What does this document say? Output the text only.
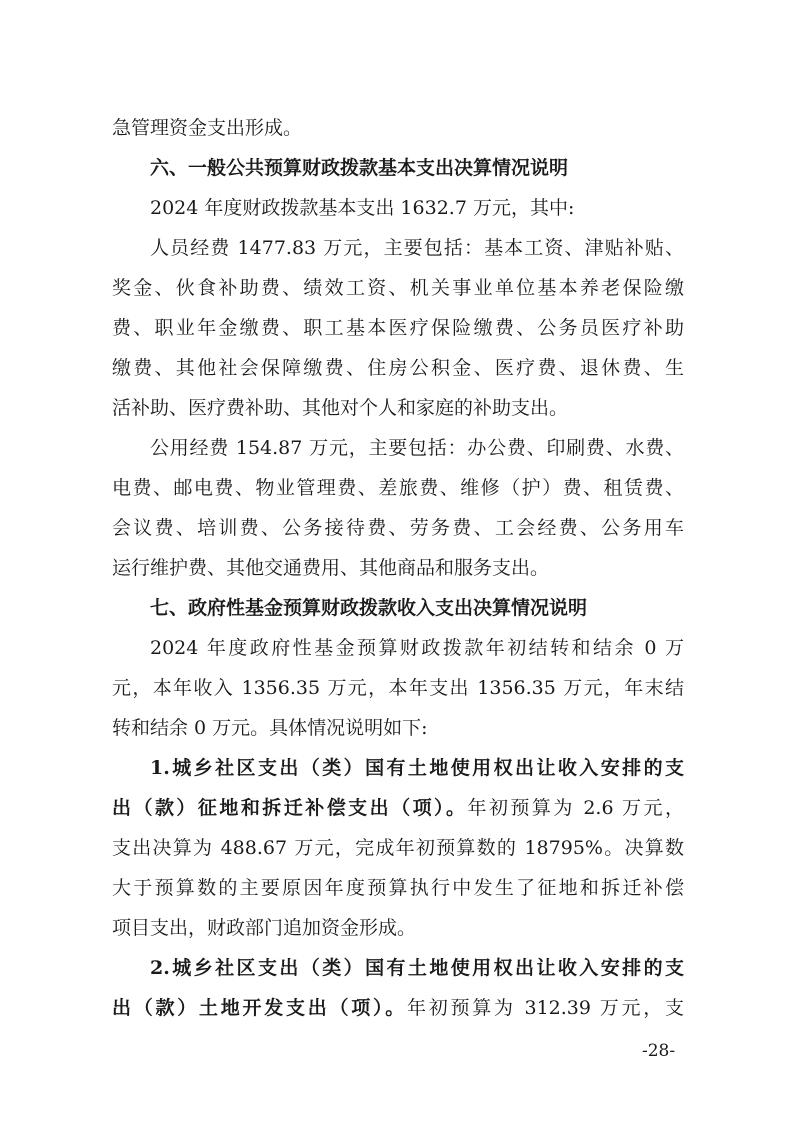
急管理资金支出形成。
六、一般公共预算财政拨款基本支出决算情况说明
2024 年度财政拨款基本支出 1632.7 万元，其中:
人员经费 1477.83 万元，主要包括：基本工资、津贴补贴、
奖金、伙食补助费、绩效工资、机关事业单位基本养老保险缴
费、职业年金缴费、职工基本医疗保险缴费、公务员医疗补助
缴费、其他社会保障缴费、住房公积金、医疗费、退休费、生
活补助、医疗费补助、其他对个人和家庭的补助支出。
公用经费 154.87 万元，主要包括：办公费、印刷费、水费、
电费、邮电费、物业管理费、差旅费、维修（护）费、租赁费、
会议费、培训费、公务接待费、劳务费、工会经费、公务用车
运行维护费、其他交通费用、其他商品和服务支出。
七、政府性基金预算财政拨款收入支出决算情况说明
2024 年度政府性基金预算财政拨款年初结转和结余 0 万
元，本年收入 1356.35 万元，本年支出 1356.35 万元，年末结
转和结余 0 万元。具体情况说明如下:
1.城乡社区支出（类）国有土地使用权出让收入安排的支
出（款）征地和拆迁补偿支出（项）。年初预算为 2.6 万元，
支出决算为 488.67 万元，完成年初预算数的 18795%。决算数
大于预算数的主要原因年度预算执行中发生了征地和拆迁补偿
项目支出，财政部门追加资金形成。
2.城乡社区支出（类）国有土地使用权出让收入安排的支
出（款）土地开发支出（项）。年初预算为 312.39 万元，支
-28-
